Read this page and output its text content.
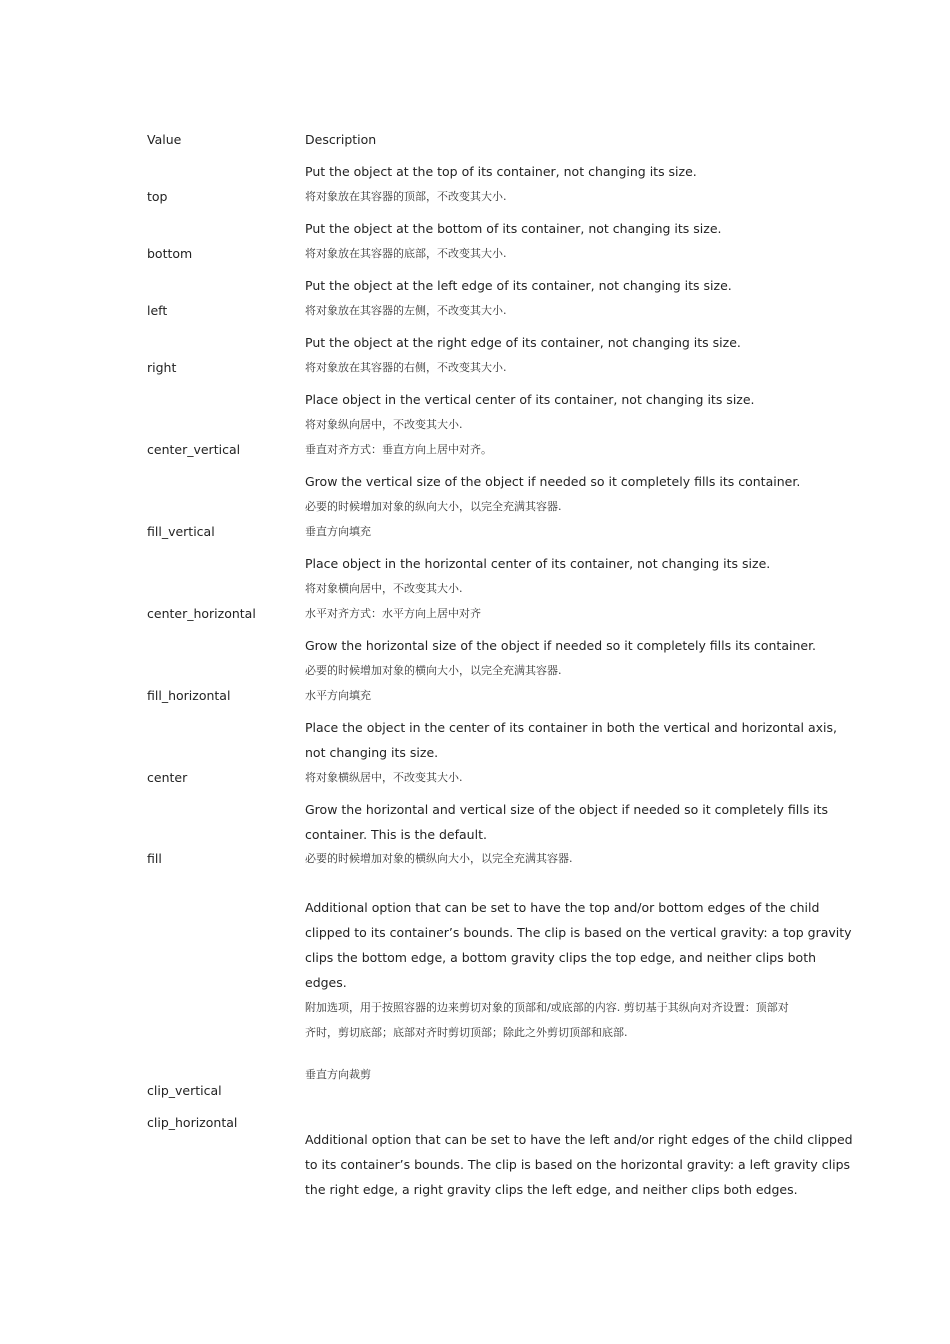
Value	Description
Put the object at the top of its container, not changing its size.
将对象放在其容器的顶部，不改变其大小.
top
Put the object at the bottom of its container, not changing its size.
将对象放在其容器的底部，不改变其大小.
bottom
Put the object at the left edge of its container, not changing its size.
将对象放在其容器的左侧，不改变其大小.
left
Put the object at the right edge of its container, not changing its size.
将对象放在其容器的右侧，不改变其大小.
right
Place object in the vertical center of its container, not changing its size.
将对象纵向居中，不改变其大小.
垂直对齐方式：垂直方向上居中对齐。
center_vertical
Grow the vertical size of the object if needed so it completely fills its container.
必要的时候增加对象的纵向大小，以完全充满其容器.
垂直方向填充
fill_vertical
Place object in the horizontal center of its container, not changing its size.
将对象横向居中，不改变其大小.
水平对齐方式：水平方向上居中对齐
center_horizontal
Grow the horizontal size of the object if needed so it completely fills its container.
必要的时候增加对象的横向大小，以完全充满其容器.
水平方向填充
fill_horizontal
Place the object in the center of its container in both the vertical and horizontal axis,
not changing its size.
将对象横纵居中，不改变其大小.
center
Grow the horizontal and vertical size of the object if needed so it completely fills its
container. This is the default.
必要的时候增加对象的横纵向大小，以完全充满其容器.
fill
Additional option that can be set to have the top and/or bottom edges of the child
clipped to its container’s bounds. The clip is based on the vertical gravity: a top gravity
clips the bottom edge, a bottom gravity clips the top edge, and neither clips both
edges.
附加选项，用于按照容器的边来剪切对象的顶部和/或底部的内容. 剪切基于其纵向对齐设置：顶部对
齐时，剪切底部；底部对齐时剪切顶部；除此之外剪切顶部和底部.
垂直方向裁剪
clip_vertical
clip_horizontal
Additional option that can be set to have the left and/or right edges of the child clipped
to its container’s bounds. The clip is based on the horizontal gravity: a left gravity clips
the right edge, a right gravity clips the left edge, and neither clips both edges.
